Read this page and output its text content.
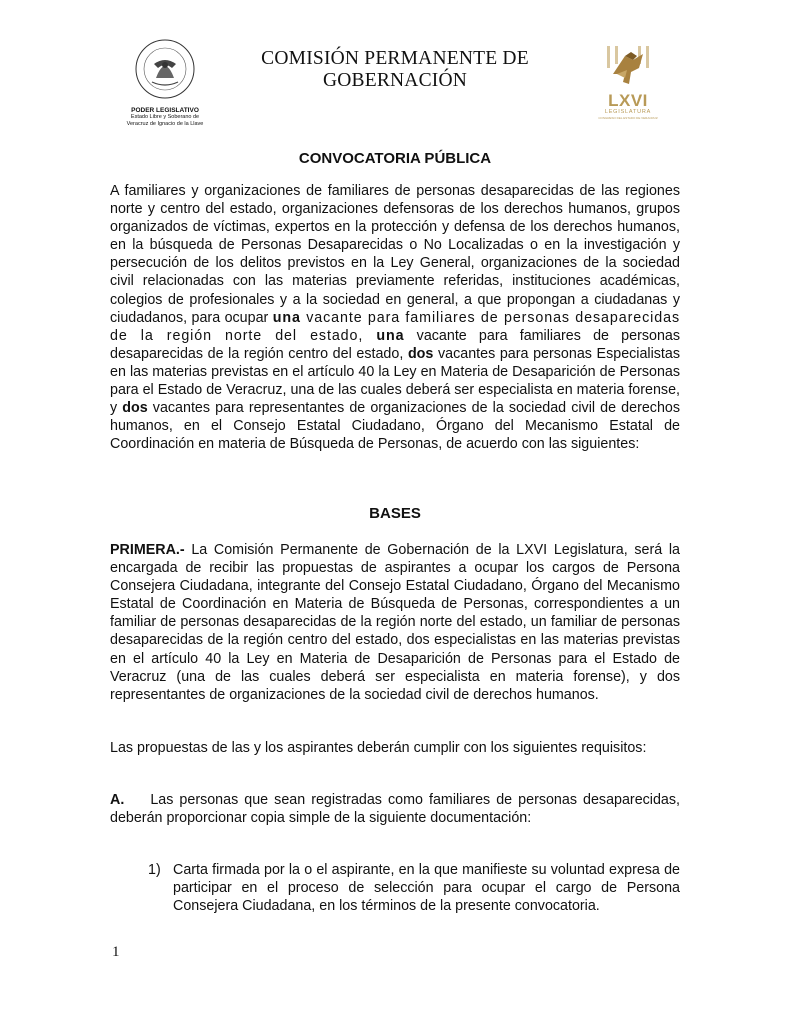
PODER LEGISLATIVO
Estado Libre y Soberano de
Veracruz de Ignacio de la Llave
COMISIÓN PERMANENTE DE
GOBERNACIÓN
LXVI
LEGISLATURA
CONGRESO DEL ESTADO DE VERACRUZ
CONVOCATORIA PÚBLICA
A familiares y organizaciones de familiares de personas desaparecidas de las regiones norte y centro del estado, organizaciones defensoras de los derechos humanos, grupos organizados de víctimas, expertos en la protección y defensa de los derechos humanos, en la búsqueda de Personas Desaparecidas o No Localizadas o en la investigación y persecución de los delitos previstos en la Ley General, organizaciones de la sociedad civil relacionadas con las materias previamente referidas, instituciones académicas, colegios de profesionales y a la sociedad en general, a que propongan a ciudadanas y ciudadanos, para ocupar una vacante para familiares de personas desaparecidas de la región norte del estado, una vacante para familiares de personas desaparecidas de la región centro del estado, dos vacantes para personas Especialistas en las materias previstas en el artículo 40 la Ley en Materia de Desaparición de Personas para el Estado de Veracruz, una de las cuales deberá ser especialista en materia forense, y dos vacantes para representantes de organizaciones de la sociedad civil de derechos humanos, en el Consejo Estatal Ciudadano, Órgano del Mecanismo Estatal de Coordinación en materia de Búsqueda de Personas, de acuerdo con las siguientes:
BASES
PRIMERA.- La Comisión Permanente de Gobernación de la LXVI Legislatura, será la encargada de recibir las propuestas de aspirantes a ocupar los cargos de Persona Consejera Ciudadana, integrante del Consejo Estatal Ciudadano, Órgano del Mecanismo Estatal de Coordinación en Materia de Búsqueda de Personas, correspondientes a un familiar de personas desaparecidas de la región norte del estado, un familiar de personas desaparecidas de la región centro del estado, dos especialistas en las materias previstas en el artículo 40 la Ley en Materia de Desaparición de Personas para el Estado de Veracruz (una de las cuales deberá ser especialista en materia forense), y dos representantes de organizaciones de la sociedad civil de derechos humanos.
Las propuestas de las y los aspirantes deberán cumplir con los siguientes requisitos:
A. Las personas que sean registradas como familiares de personas desaparecidas, deberán proporcionar copia simple de la siguiente documentación:
1) Carta firmada por la o el aspirante, en la que manifieste su voluntad expresa de participar en el proceso de selección para ocupar el cargo de Persona Consejera Ciudadana, en los términos de la presente convocatoria.
1
